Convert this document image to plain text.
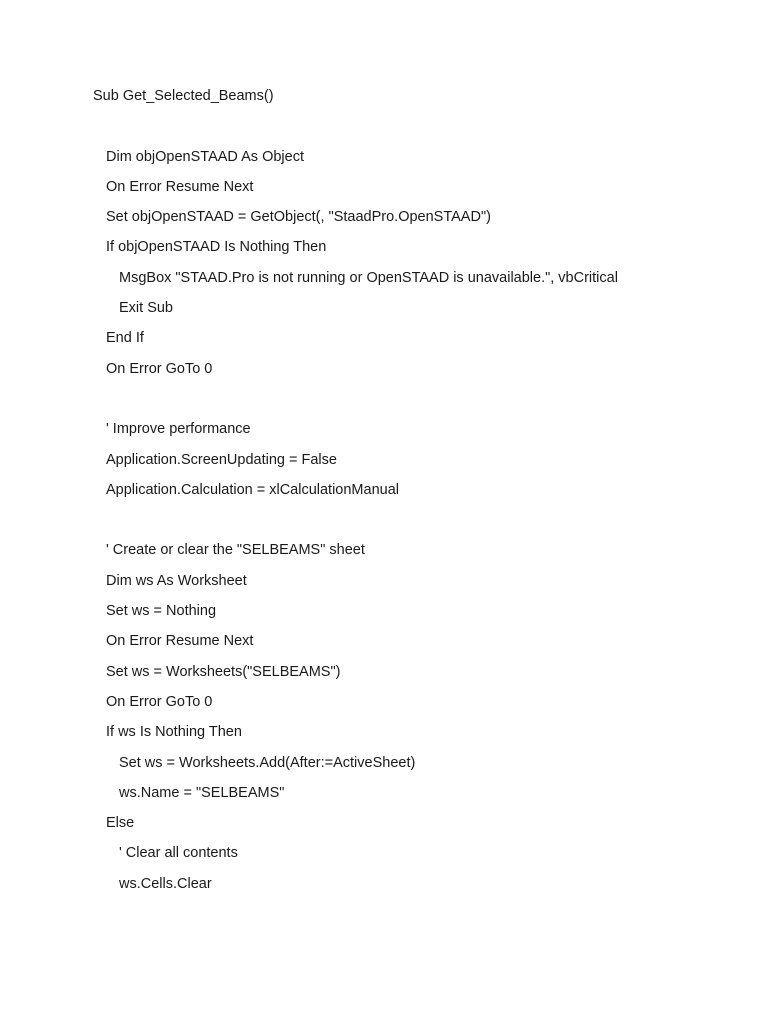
Sub Get_Selected_Beams()
Dim objOpenSTAAD As Object
On Error Resume Next
Set objOpenSTAAD = GetObject(, "StaadPro.OpenSTAAD")
If objOpenSTAAD Is Nothing Then
MsgBox "STAAD.Pro is not running or OpenSTAAD is unavailable.", vbCritical
Exit Sub
End If
On Error GoTo 0
' Improve performance
Application.ScreenUpdating = False
Application.Calculation = xlCalculationManual
' Create or clear the "SELBEAMS" sheet
Dim ws As Worksheet
Set ws = Nothing
On Error Resume Next
Set ws = Worksheets("SELBEAMS")
On Error GoTo 0
If ws Is Nothing Then
Set ws = Worksheets.Add(After:=ActiveSheet)
ws.Name = "SELBEAMS"
Else
' Clear all contents
ws.Cells.Clear
